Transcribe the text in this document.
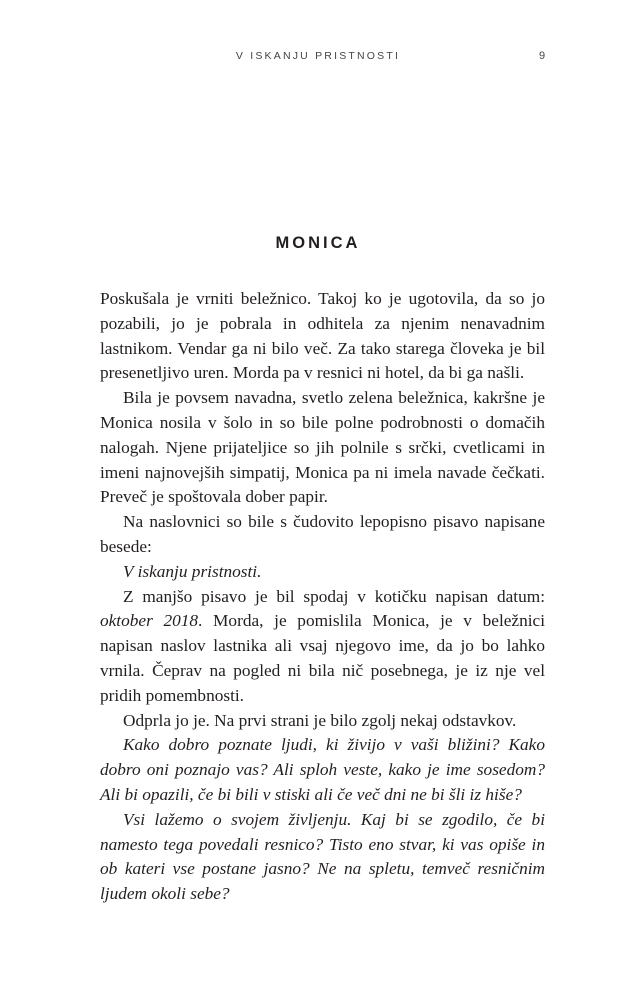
V ISKANJU PRISTNOSTI	9
MONICA

Poskušala je vrniti beležnico. Takoj ko je ugotovila, da so jo pozabili, jo je pobrala in odhitela za njenim nenavadnim lastnikom. Vendar ga ni bilo več. Za tako starega človeka je bil presenetljivo uren. Morda pa v resnici ni hotel, da bi ga našli.

Bila je povsem navadna, svetlo zelena beležnica, kakršne je Monica nosila v šolo in so bile polne podrobnosti o domačih nalogah. Njene prijateljice so jih polnile s srčki, cvetlicami in imeni najnovejših simpatij, Monica pa ni imela navade čečkati. Preveč je spoštovala dober papir.

Na naslovnici so bile s čudovito lepopisno pisavo napisane besede:

V iskanju pristnosti.

Z manjšo pisavo je bil spodaj v kotičku napisan datum: oktober 2018. Morda, je pomislila Monica, je v beležnici napisan naslov lastnika ali vsaj njegovo ime, da jo bo lahko vrnila. Čeprav na pogled ni bila nič posebnega, je iz nje vel pridih pomembnosti.

Odprla jo je. Na prvi strani je bilo zgolj nekaj odstavkov.

Kako dobro poznate ljudi, ki živijo v vaši bližini? Kako dobro oni poznajo vas? Ali sploh veste, kako je ime sosedom? Ali bi opazili, če bi bili v stiski ali če več dni ne bi šli iz hiše?

Vsi lažemo o svojem življenju. Kaj bi se zgodilo, če bi namesto tega povedali resnico? Tisto eno stvar, ki vas opiše in ob kateri vse postane jasno? Ne na spletu, temveč resničnim ljudem okoli sebe?
